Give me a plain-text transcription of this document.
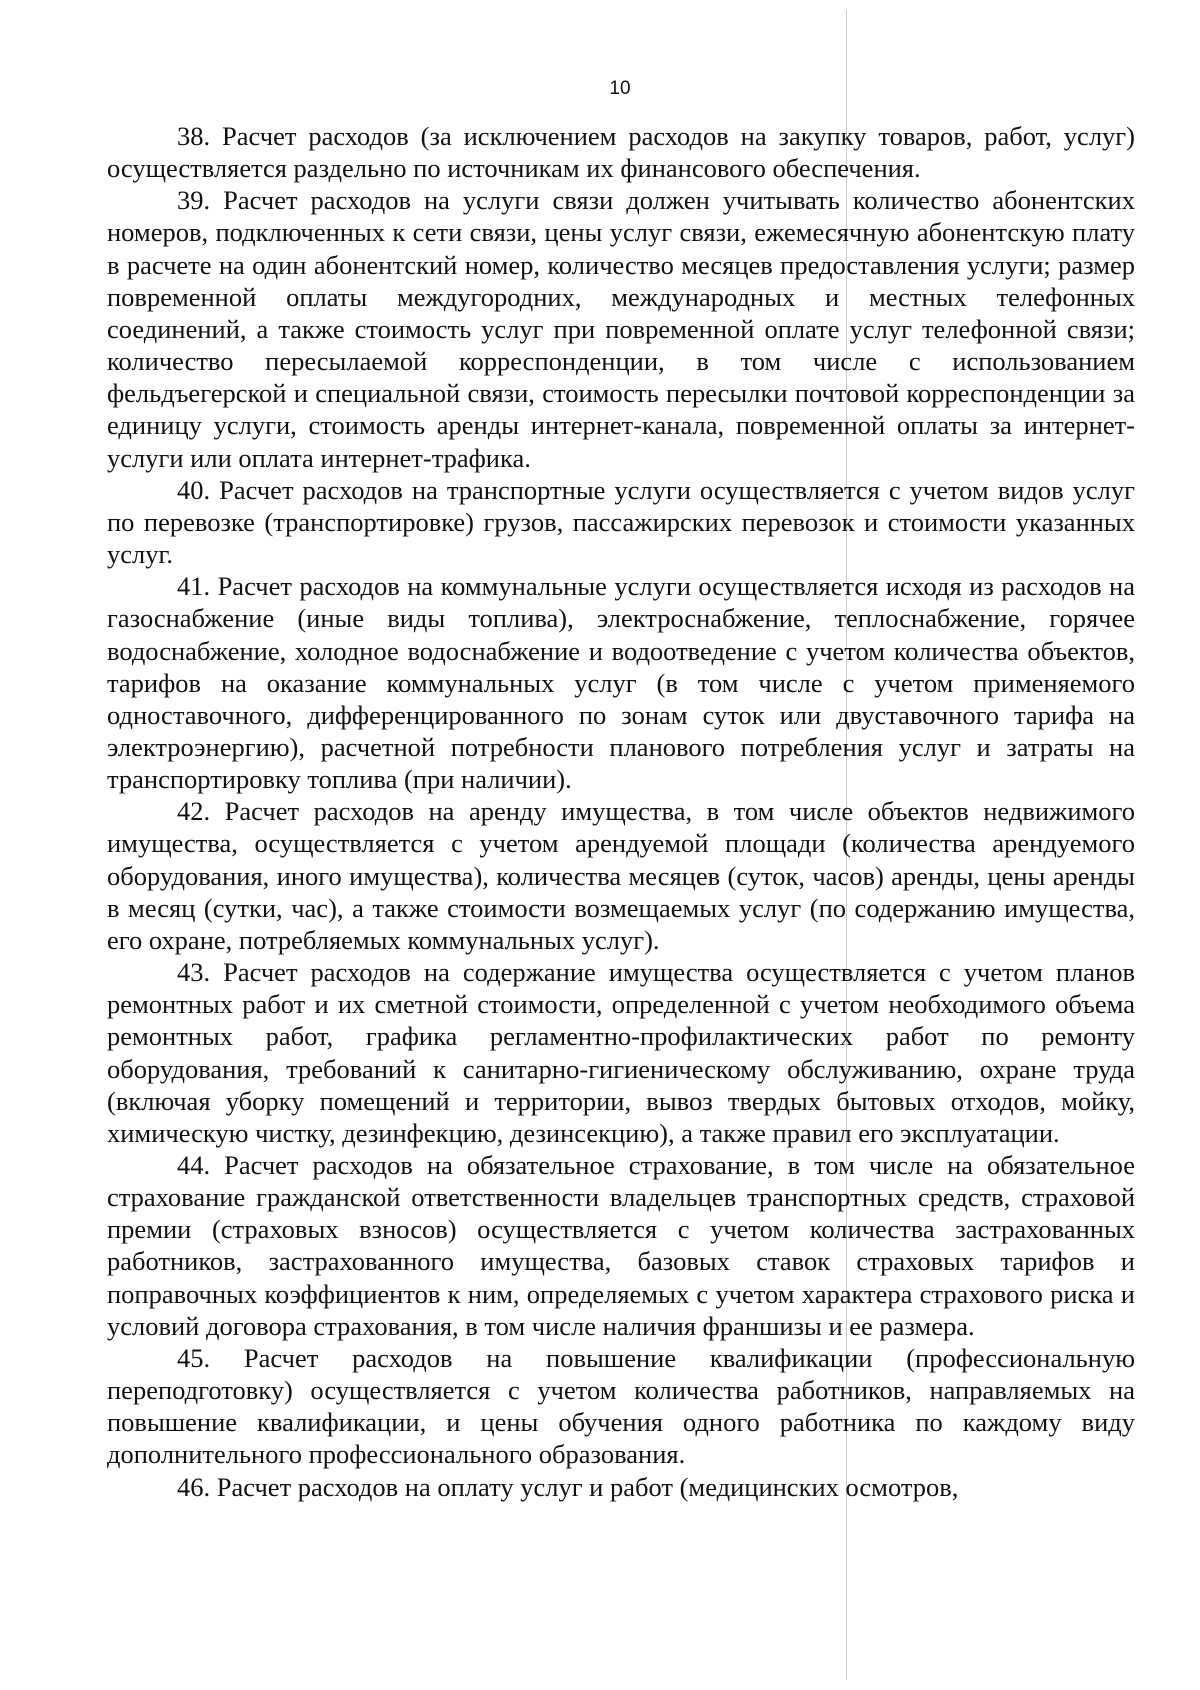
10

38. Расчет расходов (за исключением расходов на закупку товаров, работ, услуг) осуществляется раздельно по источникам их финансового обеспечения.

39. Расчет расходов на услуги связи должен учитывать количество абонентских номеров, подключенных к сети связи, цены услуг связи, ежемесячную абонентскую плату в расчете на один абонентский номер, количество месяцев предоставления услуги; размер повременной оплаты междугородних, международных и местных телефонных соединений, а также стоимость услуг при повременной оплате услуг телефонной связи; количество пересылаемой корреспонденции, в том числе с использованием фельдъегерской и специальной связи, стоимость пересылки почтовой корреспонденции за единицу услуги, стоимость аренды интернет-канала, повременной оплаты за интернет-услуги или оплата интернет-трафика.

40. Расчет расходов на транспортные услуги осуществляется с учетом видов услуг по перевозке (транспортировке) грузов, пассажирских перевозок и стоимости указанных услуг.

41. Расчет расходов на коммунальные услуги осуществляется исходя из расходов на газоснабжение (иные виды топлива), электроснабжение, теплоснабжение, горячее водоснабжение, холодное водоснабжение и водоотведение с учетом количества объектов, тарифов на оказание коммунальных услуг (в том числе с учетом применяемого одноставочного, дифференцированного по зонам суток или двуставочного тарифа на электроэнергию), расчетной потребности планового потребления услуг и затраты на транспортировку топлива (при наличии).

42. Расчет расходов на аренду имущества, в том числе объектов недвижимого имущества, осуществляется с учетом арендуемой площади (количества арендуемого оборудования, иного имущества), количества месяцев (суток, часов) аренды, цены аренды в месяц (сутки, час), а также стоимости возмещаемых услуг (по содержанию имущества, его охране, потребляемых коммунальных услуг).

43. Расчет расходов на содержание имущества осуществляется с учетом планов ремонтных работ и их сметной стоимости, определенной с учетом необходимого объема ремонтных работ, графика регламентно-профилактических работ по ремонту оборудования, требований к санитарно-гигиеническому обслуживанию, охране труда (включая уборку помещений и территории, вывоз твердых бытовых отходов, мойку, химическую чистку, дезинфекцию, дезинсекцию), а также правил его эксплуатации.

44. Расчет расходов на обязательное страхование, в том числе на обязательное страхование гражданской ответственности владельцев транспортных средств, страховой премии (страховых взносов) осуществляется с учетом количества застрахованных работников, застрахованного имущества, базовых ставок страховых тарифов и поправочных коэффициентов к ним, определяемых с учетом характера страхового риска и условий договора страхования, в том числе наличия франшизы и ее размера.

45. Расчет расходов на повышение квалификации (профессиональную переподготовку) осуществляется с учетом количества работников, направляемых на повышение квалификации, и цены обучения одного работника по каждому виду дополнительного профессионального образования.

46. Расчет расходов на оплату услуг и работ (медицинских осмотров,
